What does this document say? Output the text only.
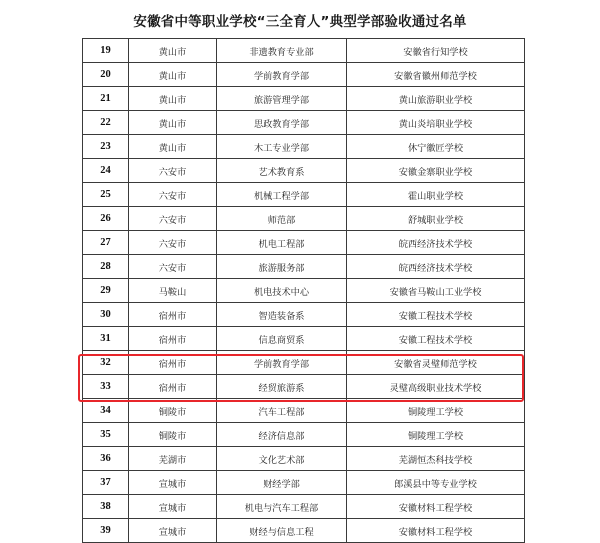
安徽省中等职业学校“三全育人”典型学部验收通过名单
19	黄山市	非遗教育专业部	安徽省行知学校
20	黄山市	学前教育学部	安徽省徽州师范学校
21	黄山市	旅游管理学部	黄山旅游职业学校
22	黄山市	思政教育学部	黄山炎培职业学校
23	黄山市	木工专业学部	休宁徽匠学校
24	六安市	艺术教育系	安徽金寨职业学校
25	六安市	机械工程学部	霍山职业学校
26	六安市	师范部	舒城职业学校
27	六安市	机电工程部	皖西经济技术学校
28	六安市	旅游服务部	皖西经济技术学校
29	马鞍山	机电技术中心	安徽省马鞍山工业学校
30	宿州市	智造装备系	安徽工程技术学校
31	宿州市	信息商贸系	安徽工程技术学校
32	宿州市	学前教育学部	安徽省灵璧师范学校
33	宿州市	经贸旅游系	灵璧高级职业技术学校
34	铜陵市	汽车工程部	铜陵理工学校
35	铜陵市	经济信息部	铜陵理工学校
36	芜湖市	文化艺术部	芜湖恒杰科技学校
37	宣城市	财经学部	郎溪县中等专业学校
38	宣城市	机电与汽车工程部	安徽材料工程学校
39	宣城市	财经与信息工程	安徽材料工程学校
